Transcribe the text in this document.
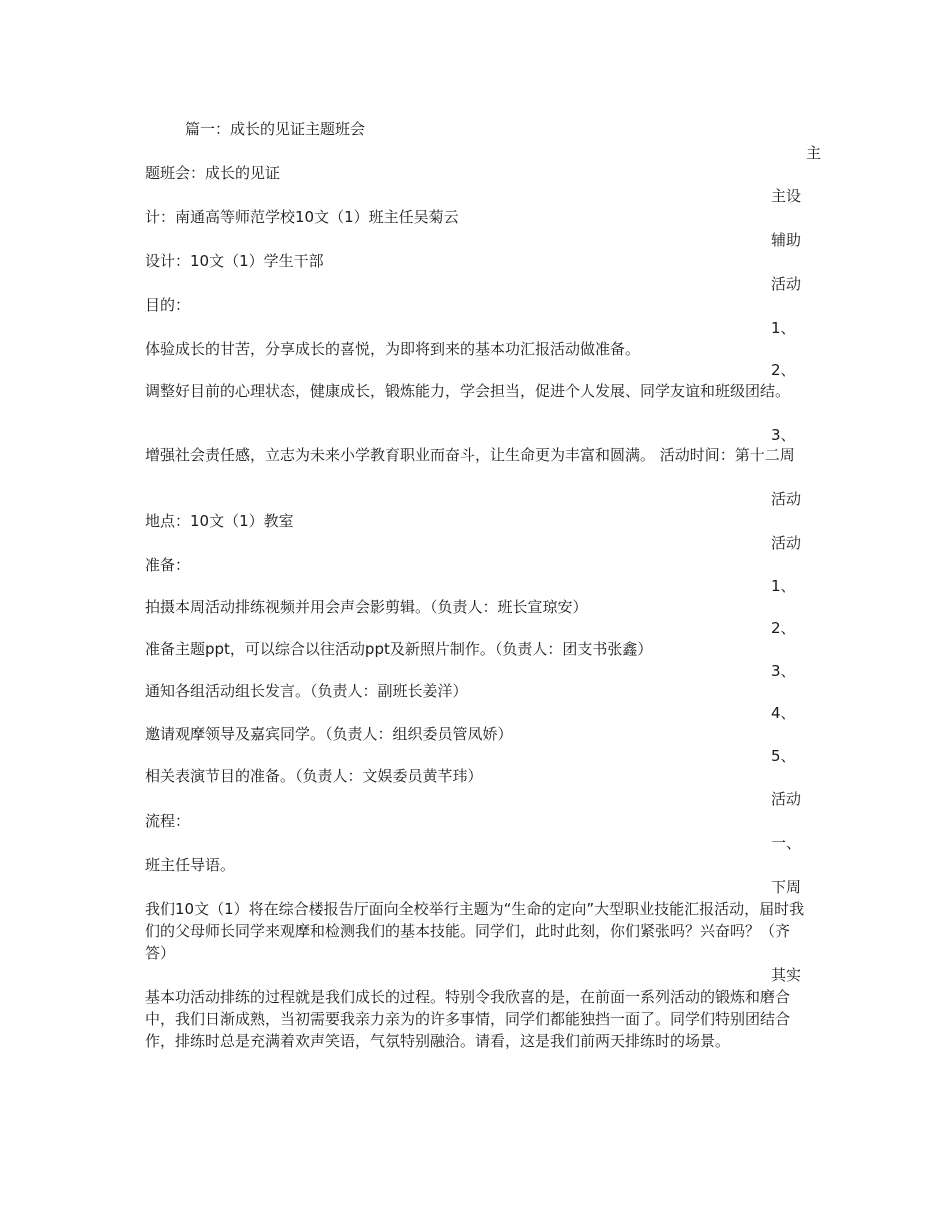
篇一：成长的见证主题班会
题班会：成长的见证
计：南通高等师范学校10文（1）班主任吴菊云
设计：10文（1）学生干部
目的：
体验成长的甘苦，分享成长的喜悦，为即将到来的基本功汇报活动做准备。
调整好目前的心理状态，健康成长，锻炼能力，学会担当，促进个人发展、同学友谊和班级团结。
增强社会责任感，立志为未来小学教育职业而奋斗，让生命更为丰富和圆满。 活动时间：第十二周
地点：10文（1）教室
准备：
拍摄本周活动排练视频并用会声会影剪辑。（负责人：班长宣琼安）
准备主题ppt，可以综合以往活动ppt及新照片制作。（负责人：团支书张鑫）
通知各组活动组长发言。（负责人：副班长姜洋）
邀请观摩领导及嘉宾同学。（负责人：组织委员管凤娇）
相关表演节目的准备。（负责人：文娱委员黄芊玮）
流程：
班主任导语。
我们10文（1）将在综合楼报告厅面向全校举行主题为“生命的定向”大型职业技能汇报活动，届时我们的父母师长同学来观摩和检测我们的基本技能。同学们，此时此刻，你们紧张吗？兴奋吗？（齐答）
基本功活动排练的过程就是我们成长的过程。特别令我欣喜的是，在前面一系列活动的锻炼和磨合中，我们日渐成熟，当初需要我亲力亲为的许多事情，同学们都能独挡一面了。同学们特别团结合作，排练时总是充满着欢声笑语，气氛特别融洽。请看，这是我们前两天排练时的场景。
主
主设
辅助
活动
1、
2、
3、
活动
活动
1、
2、
3、
4、
5、
活动
一、
下周
其实
